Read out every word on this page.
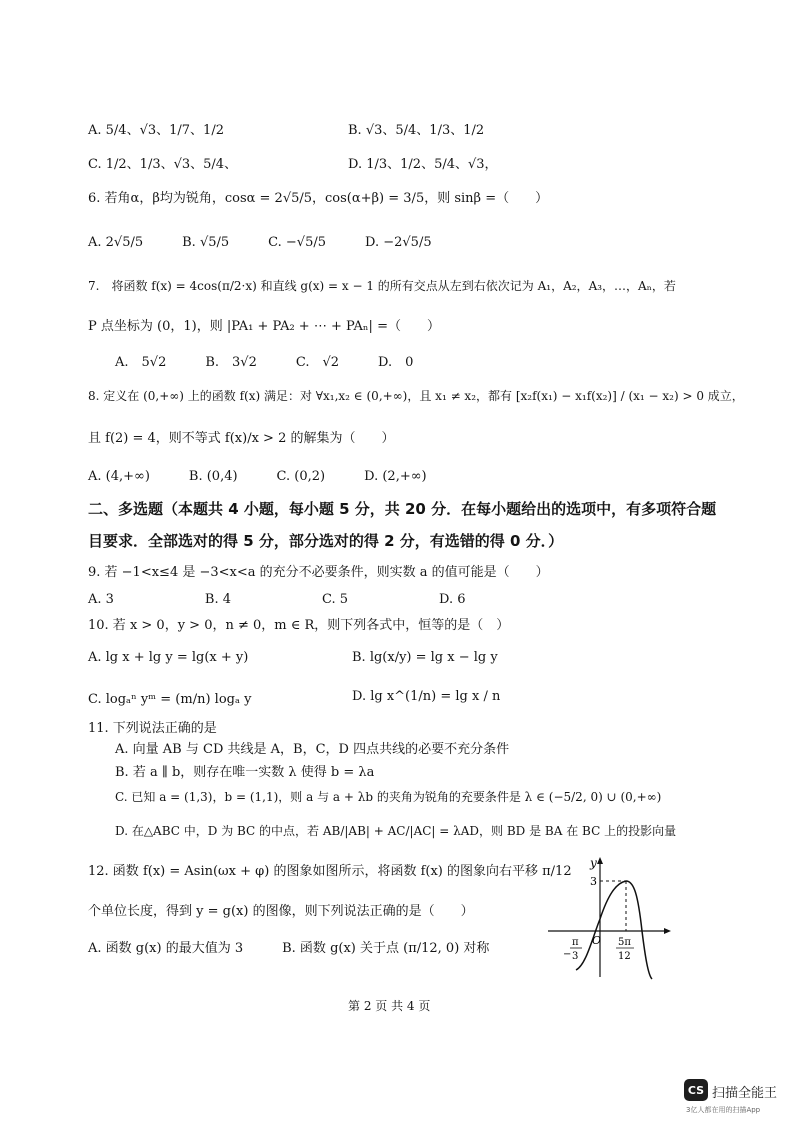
A. 5/4、√3、1/7、1/2	B. √3、5/4、1/3、1/2
C. 1/2、1/3、√3、5/4、	D. 1/3、1/2、5/4、√3，
6. 若角α，β均为锐角，cosα = 2√5/5，cos(α+β) = 3/5，则 sinβ =（　　）
A. 2√5/5　　　B. √5/5　　　C. −√5/5　　　D. −2√5/5
7.　将函数 f(x) = 4cos(π/2·x) 和直线 g(x) = x − 1 的所有交点从左到右依次记为 A₁，A₂，A₃，…，Aₙ，若
P 点坐标为 (0，1)，则 |PA₁ + PA₂ + ⋯ + PAₙ| =（　　）
A.　5√2　　　B.　3√2　　　C.　√2　　　D.　0
8. 定义在 (0,+∞) 上的函数 f(x) 满足：对 ∀x₁,x₂ ∈ (0,+∞)，且 x₁ ≠ x₂，都有 [x₂f(x₁) − x₁f(x₂)] / (x₁ − x₂) > 0 成立，
且 f(2) = 4，则不等式 f(x)/x > 2 的解集为（　　）
A. (4,+∞)　　　B. (0,4)　　　C. (0,2)　　　D. (2,+∞)
二、多选题（本题共 4 小题，每小题 5 分，共 20 分．在每小题给出的选项中，有多项符合题
目要求．全部选对的得 5 分，部分选对的得 2 分，有选错的得 0 分．）
9. 若 −1<x≤4 是 −3<x<a 的充分不必要条件，则实数 a 的值可能是（　　）
A. 3　　　　　　　B. 4　　　　　　　C. 5　　　　　　　D. 6
10. 若 x > 0，y > 0，n ≠ 0，m ∈ R，则下列各式中，恒等的是（　）
A. lg x + lg y = lg(x + y)	B. lg(x/y) = lg x − lg y
C. logₐⁿ yᵐ = (m/n) logₐ y	D. lg x^(1/n) = lg x / n
11. 下列说法正确的是
A. 向量 AB 与 CD 共线是 A，B，C，D 四点共线的必要不充分条件
B. 若 a ∥ b，则存在唯一实数 λ 使得 b = λa
C. 已知 a = (1,3)，b = (1,1)，则 a 与 a + λb 的夹角为锐角的充要条件是 λ ∈ (−5/2, 0) ∪ (0,+∞)
D. 在△ABC 中，D 为 BC 的中点，若 AB/|AB| + AC/|AC| = λAD，则 BD 是 BA 在 BC 上的投影向量
12. 函数 f(x) = Asin(ωx + φ) 的图象如图所示，将函数 f(x) 的图象向右平移 π/12
个单位长度，得到 y = g(x) 的图像，则下列说法正确的是（　　）
A. 函数 g(x) 的最大值为 3　　　B. 函数 g(x) 关于点 (π/12, 0) 对称
y
3
O
π
− 3
5π
12
第 2 页 共 4 页
CS 扫描全能王
3亿人都在用的扫描App
